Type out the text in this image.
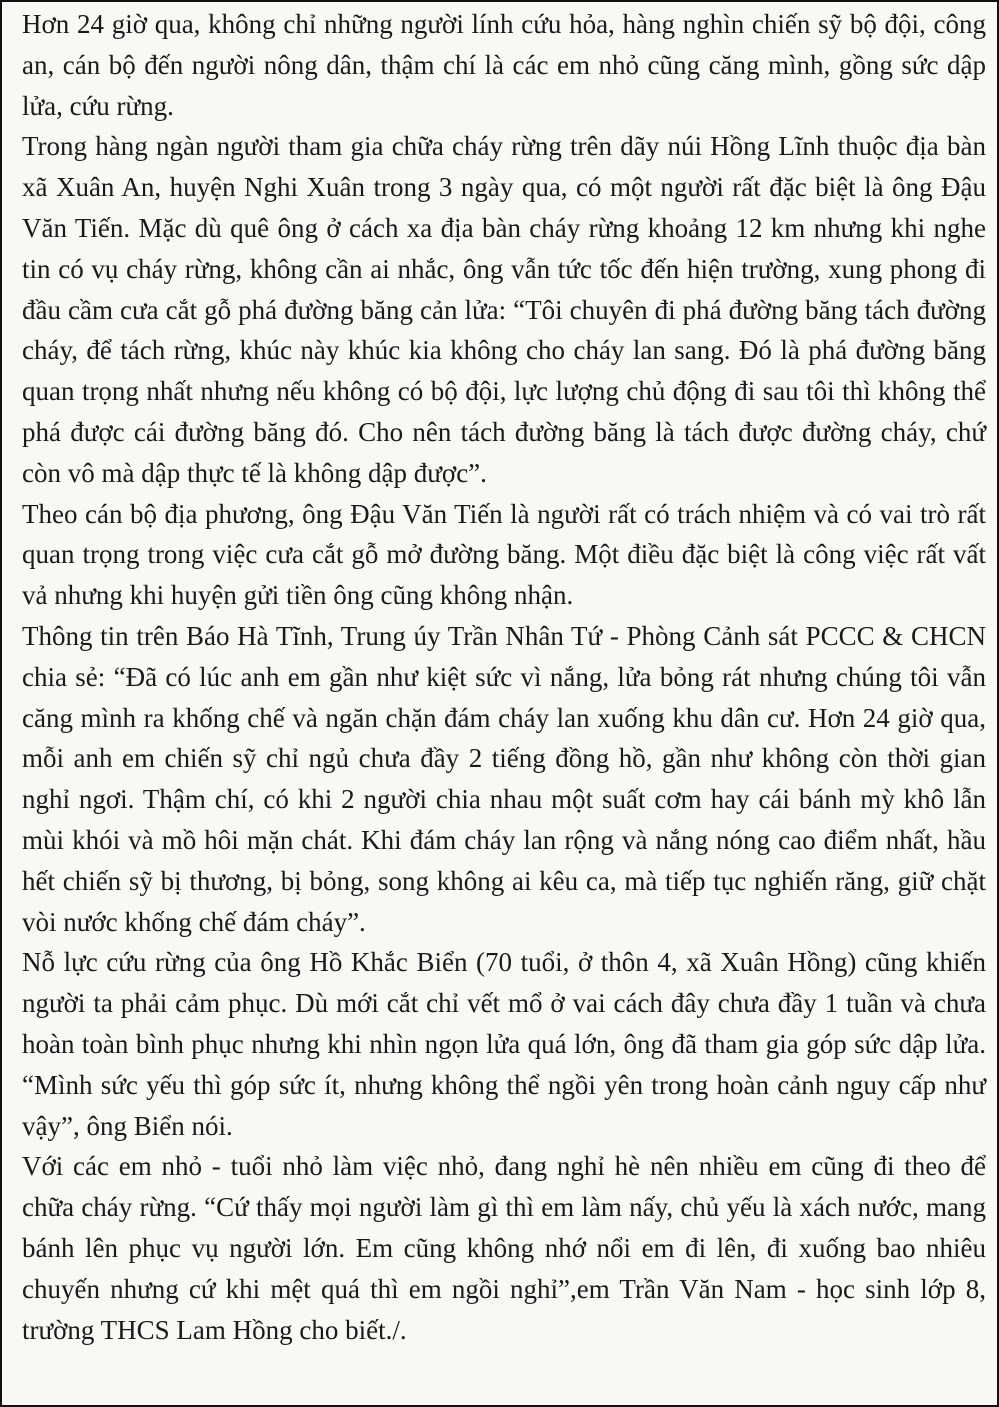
Hơn 24 giờ qua, không chỉ những người lính cứu hỏa, hàng nghìn chiến sỹ bộ đội, công an, cán bộ đến người nông dân, thậm chí là các em nhỏ cũng căng mình, gồng sức dập lửa, cứu rừng.

Trong hàng ngàn người tham gia chữa cháy rừng trên dãy núi Hồng Lĩnh thuộc địa bàn xã Xuân An, huyện Nghi Xuân trong 3 ngày qua, có một người rất đặc biệt là ông Đậu Văn Tiến. Mặc dù quê ông ở cách xa địa bàn cháy rừng khoảng 12 km nhưng khi nghe tin có vụ cháy rừng, không cần ai nhắc, ông vẫn tức tốc đến hiện trường, xung phong đi đầu cầm cưa cắt gỗ phá đường băng cản lửa: “Tôi chuyên đi phá đường băng tách đường cháy, để tách rừng, khúc này khúc kia không cho cháy lan sang. Đó là phá đường băng quan trọng nhất nhưng nếu không có bộ đội, lực lượng chủ động đi sau tôi thì không thể phá được cái đường băng đó. Cho nên tách đường băng là tách được đường cháy, chứ còn vô mà dập thực tế là không dập được”.

Theo cán bộ địa phương, ông Đậu Văn Tiến là người rất có trách nhiệm và có vai trò rất quan trọng trong việc cưa cắt gỗ mở đường băng. Một điều đặc biệt là công việc rất vất vả nhưng khi huyện gửi tiền ông cũng không nhận.

Thông tin trên Báo Hà Tĩnh, Trung úy Trần Nhân Tứ - Phòng Cảnh sát PCCC & CHCN chia sẻ: “Đã có lúc anh em gần như kiệt sức vì nắng, lửa bỏng rát nhưng chúng tôi vẫn căng mình ra khống chế và ngăn chặn đám cháy lan xuống khu dân cư. Hơn 24 giờ qua, mỗi anh em chiến sỹ chỉ ngủ chưa đầy 2 tiếng đồng hồ, gần như không còn thời gian nghỉ ngơi. Thậm chí, có khi 2 người chia nhau một suất cơm hay cái bánh mỳ khô lẫn mùi khói và mồ hôi mặn chát. Khi đám cháy lan rộng và nắng nóng cao điểm nhất, hầu hết chiến sỹ bị thương, bị bỏng, song không ai kêu ca, mà tiếp tục nghiến răng, giữ chặt vòi nước khống chế đám cháy”.

Nỗ lực cứu rừng của ông Hồ Khắc Biển (70 tuổi, ở thôn 4, xã Xuân Hồng) cũng khiến người ta phải cảm phục. Dù mới cắt chỉ vết mổ ở vai cách đây chưa đầy 1 tuần và chưa hoàn toàn bình phục nhưng khi nhìn ngọn lửa quá lớn, ông đã tham gia góp sức dập lửa. “Mình sức yếu thì góp sức ít, nhưng không thể ngồi yên trong hoàn cảnh nguy cấp như vậy”, ông Biển nói.

Với các em nhỏ - tuổi nhỏ làm việc nhỏ, đang nghỉ hè nên nhiều em cũng đi theo để chữa cháy rừng. “Cứ thấy mọi người làm gì thì em làm nấy, chủ yếu là xách nước, mang bánh lên phục vụ người lớn. Em cũng không nhớ nổi em đi lên, đi xuống bao nhiêu chuyến nhưng cứ khi mệt quá thì em ngồi nghỉ”,em Trần Văn Nam - học sinh lớp 8, trường THCS Lam Hồng cho biết./.
